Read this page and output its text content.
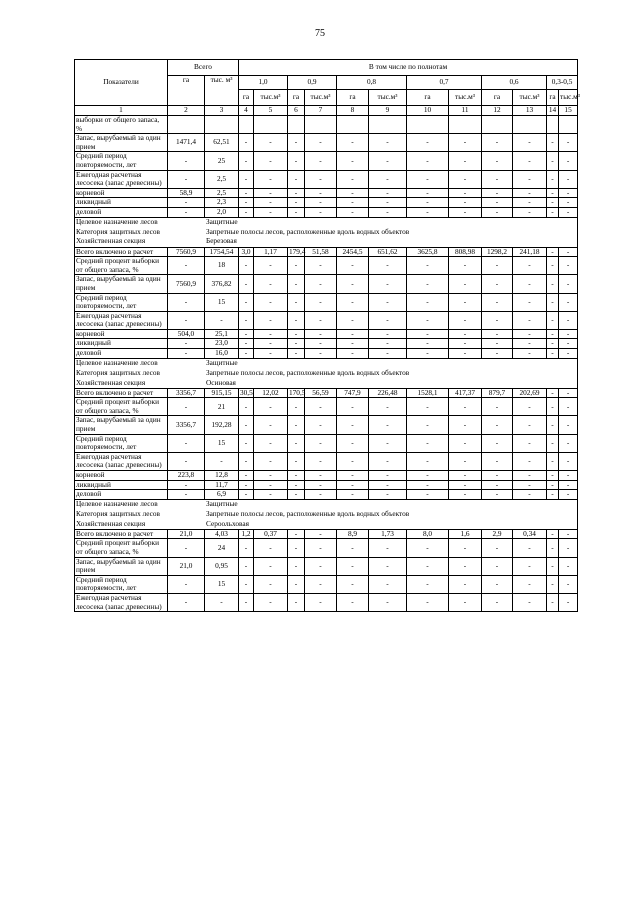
75
Показатели	Всего		В том числе по полнотам											
	га	тыс. м³	1,0		0,9		0,8		0,7		0,6		0,3-0,5	
			га	тыс.м³	га	тыс.м³	га	тыс.м³	га	тыс.м³	га	тыс.м³	га	тыс.м³
1	2	3	4	5	6	7	8	9	10	11	12	13	14	15
выборки от общего запаса, %														
Запас, вырубаемый за один прием	1471,4	62,51	-	-	-	-	-	-	-	-	-	-	-	-
Средний период повторяемости, лет	-	25	-	-	-	-	-	-	-	-	-	-	-	-
Ежегодная расчетная лесосека (запас древесины)	-	2,5	-	-	-	-	-	-	-	-	-	-	-	-
корневой	58,9	2,5	-	-	-	-	-	-	-	-	-	-	-	-
ликвидный	-	2,3	-	-	-	-	-	-	-	-	-	-	-	-
деловой	-	2,0	-	-	-	-	-	-	-	-	-	-	-	-
Целевое назначение лесов Защитные														
Категория защитных лесов Запретные полосы лесов, расположенные вдоль водных объектов														
Хозяйственная секция Березовая														
Всего включено в расчет	7560,9	1754,54	3,0	1,17	179,4	51,58	2454,5	651,62	3625,8	808,98	1298,2	241,18	-	-
Средний процент выборки от общего запаса, %	-	18	-	-	-	-	-	-	-	-	-	-	-	-
Запас, вырубаемый за один прием	7560,9	376,82	-	-	-	-	-	-	-	-	-	-	-	-
Средний период повторяемости, лет	-	15	-	-	-	-	-	-	-	-	-	-	-	-
Ежегодная расчетная лесосека (запас древесины)	-	-	-	-	-	-	-	-	-	-	-	-	-	-
корневой	504,0	25,1	-	-	-	-	-	-	-	-	-	-	-	-
ликвидный	-	23,0	-	-	-	-	-	-	-	-	-	-	-	-
деловой	-	16,0	-	-	-	-	-	-	-	-	-	-	-	-
Целевое назначение лесов Защитные														
Категория защитных лесов Запретные полосы лесов, расположенные вдоль водных объектов														
Хозяйственная секция Осиновая														
Всего включено в расчет	3356,7	915,15	30,5	12,02	170,5	56,59	747,9	226,48	1528,1	417,37	879,7	202,69	-	-
Средний процент выборки от общего запаса, %	-	21	-	-	-	-	-	-	-	-	-	-	-	-
Запас, вырубаемый за один прием	3356,7	192,28	-	-	-	-	-	-	-	-	-	-	-	-
Средний период повторяемости, лет	-	15	-	-	-	-	-	-	-	-	-	-	-	-
Ежегодная расчетная лесосека (запас древесины)	-	-	-	-	-	-	-	-	-	-	-	-	-	-
корневой	223,8	12,8	-	-	-	-	-	-	-	-	-	-	-	-
ликвидный	-	11,7	-	-	-	-	-	-	-	-	-	-	-	-
деловой	-	6,9	-	-	-	-	-	-	-	-	-	-	-	-
Целевое назначение лесов Защитные														
Категория защитных лесов Запретные полосы лесов, расположенные вдоль водных объектов														
Хозяйственная секция Сероольховая														
Всего включено в расчет	21,0	4,03	1,2	0,37	-	-	8,9	1,73	8,0	1,6	2,9	0,34	-	-
Средний процент выборки от общего запаса, %	-	24	-	-	-	-	-	-	-	-	-	-	-	-
Запас, вырубаемый за один прием	21,0	0,95	-	-	-	-	-	-	-	-	-	-	-	-
Средний период повторяемости, лет	-	15	-	-	-	-	-	-	-	-	-	-	-	-
Ежегодная расчетная лесосека (запас древесины)	-	-	-	-	-	-	-	-	-	-	-	-	-	-
